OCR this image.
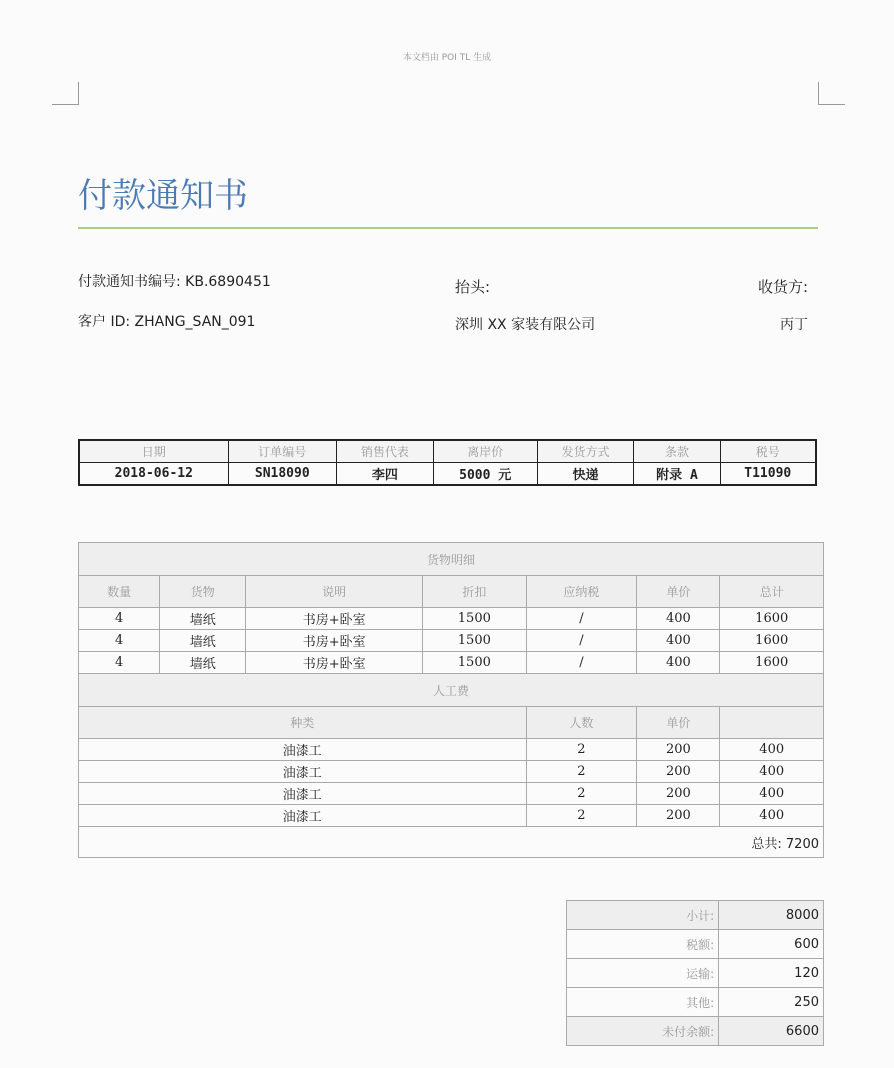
本文档由 POI TL 生成
付款通知书
付款通知书编号: KB.6890451
客户 ID: ZHANG_SAN_091
抬头:
深圳 XX 家装有限公司
收货方:
丙丁
日期	订单编号	销售代表	离岸价	发货方式	条款	税号
2018-06-12	SN18090	李四	5000 元	快递	附录 A	T11090
货物明细						
数量	货物	说明	折扣	应纳税	单价	总计
4	墙纸	书房+卧室	1500	/	400	1600
4	墙纸	书房+卧室	1500	/	400	1600
4	墙纸	书房+卧室	1500	/	400	1600
人工费						
种类				人数	单价	
油漆工				2	200	400
油漆工				2	200	400
油漆工				2	200	400
油漆工				2	200	400
总共: 7200						
小计:	8000
税额:	600
运输:	120
其他:	250
未付余额:	6600
